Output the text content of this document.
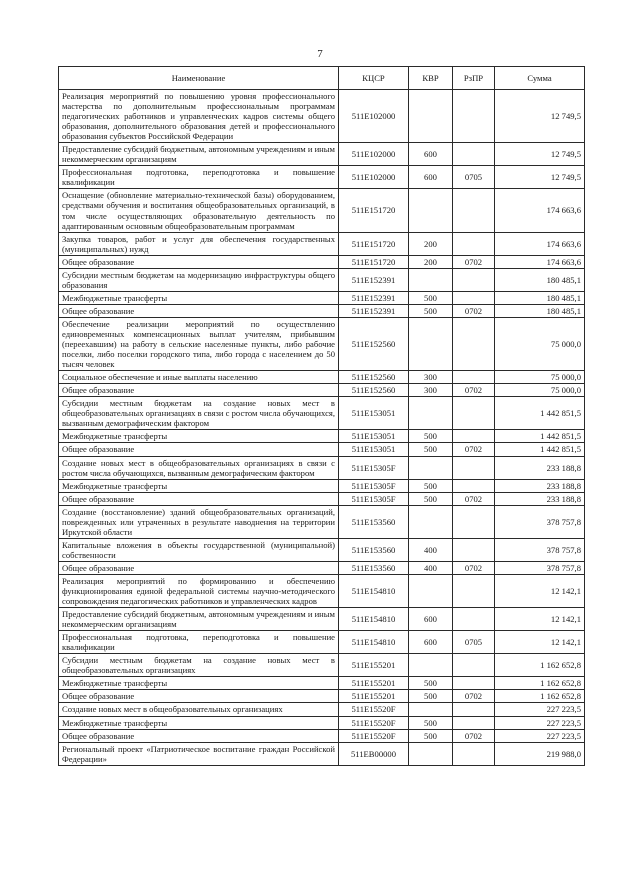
7
Наименование	КЦСР	КВР	РзПР	Сумма
Реализация мероприятий по повышению уровня профессионального мастерства по дополнительным профессиональным программам педагогических работников и управленческих кадров системы общего образования, дополнительного образования детей и профессионального образования субъектов Российской Федерации	511E102000			12 749,5
Предоставление субсидий бюджетным, автономным учреждениям и иным некоммерческим организациям	511E102000	600		12 749,5
Профессиональная подготовка, переподготовка и повышение квалификации	511E102000	600	0705	12 749,5
Оснащение (обновление материально-технической базы) оборудованием, средствами обучения и воспитания общеобразовательных организаций, в том числе осуществляющих образовательную деятельность по адаптированным основным общеобразовательным программам	511E151720			174 663,6
Закупка товаров, работ и услуг для обеспечения государственных (муниципальных) нужд	511E151720	200		174 663,6
Общее образование	511E151720	200	0702	174 663,6
Субсидии местным бюджетам на модернизацию инфраструктуры общего образования	511E152391			180 485,1
Межбюджетные трансферты	511E152391	500		180 485,1
Общее образование	511E152391	500	0702	180 485,1
Обеспечение реализации мероприятий по осуществлению единовременных компенсационных выплат учителям, прибывшим (переехавшим) на работу в сельские населенные пункты, либо рабочие поселки, либо поселки городского типа, либо города с населением до 50 тысяч человек	511E152560			75 000,0
Социальное обеспечение и иные выплаты населению	511E152560	300		75 000,0
Общее образование	511E152560	300	0702	75 000,0
Субсидии местным бюджетам на создание новых мест в общеобразовательных организациях в связи с ростом числа обучающихся, вызванным демографическим фактором	511E153051			1 442 851,5
Межбюджетные трансферты	511E153051	500		1 442 851,5
Общее образование	511E153051	500	0702	1 442 851,5
Создание новых мест в общеобразовательных организациях в связи с ростом числа обучающихся, вызванным демографическим фактором	511E15305F			233 188,8
Межбюджетные трансферты	511E15305F	500		233 188,8
Общее образование	511E15305F	500	0702	233 188,8
Создание (восстановление) зданий общеобразовательных организаций, поврежденных или утраченных в результате наводнения на территории Иркутской области	511E153560			378 757,8
Капитальные вложения в объекты государственной (муниципальной) собственности	511E153560	400		378 757,8
Общее образование	511E153560	400	0702	378 757,8
Реализация мероприятий по формированию и обеспечению функционирования единой федеральной системы научно-методического сопровождения педагогических работников и управленческих кадров	511E154810			12 142,1
Предоставление субсидий бюджетным, автономным учреждениям и иным некоммерческим организациям	511E154810	600		12 142,1
Профессиональная подготовка, переподготовка и повышение квалификации	511E154810	600	0705	12 142,1
Субсидии местным бюджетам на создание новых мест в общеобразовательных организациях	511E155201			1 162 652,8
Межбюджетные трансферты	511E155201	500		1 162 652,8
Общее образование	511E155201	500	0702	1 162 652,8
Создание новых мест в общеобразовательных организациях	511E15520F			227 223,5
Межбюджетные трансферты	511E15520F	500		227 223,5
Общее образование	511E15520F	500	0702	227 223,5
Региональный проект «Патриотическое воспитание граждан Российской Федерации»	511EB00000			219 988,0
